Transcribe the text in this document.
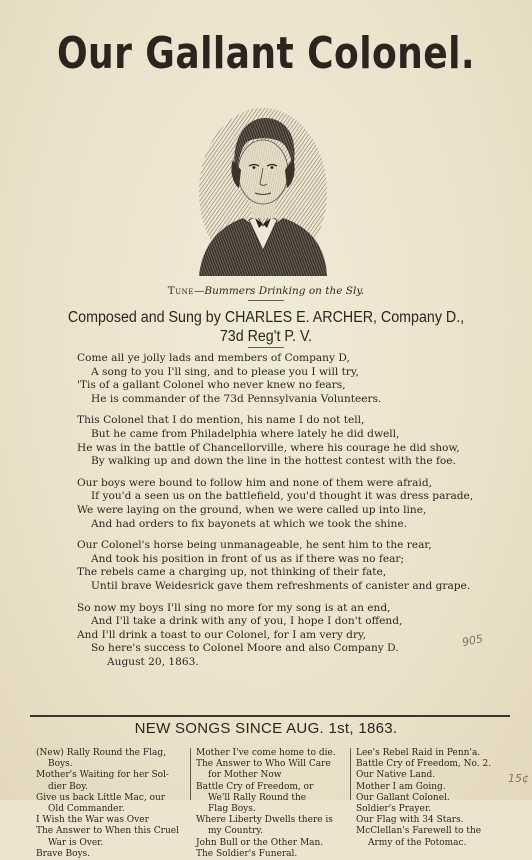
Our Gallant Colonel.
Tune—Bummers Drinking on the Sly.
Composed and Sung by CHARLES E. ARCHER, Company D.,
73d Reg't P. V.
Come all ye jolly lads and members of Company D,
A song to you I'll sing, and to please you I will try,
'Tis of a gallant Colonel who never knew no fears,
He is commander of the 73d Pennsylvania Volunteers.
This Colonel that I do mention, his name I do not tell,
But he came from Philadelphia where lately he did dwell,
He was in the battle of Chancellorville, where his courage he did show,
By walking up and down the line in the hottest contest with the foe.
Our boys were bound to follow him and none of them were afraid,
If you'd a seen us on the battlefield, you'd thought it was dress parade,
We were laying on the ground, when we were called up into line,
And had orders to fix bayonets at which we took the shine.
Our Colonel's horse being unmanageable, he sent him to the rear,
And took his position in front of us as if there was no fear;
The rebels came a charging up, not thinking of their fate,
Until brave Weidesrick gave them refreshments of canister and grape.
So now my boys I'll sing no more for my song is at an end,
And I'll take a drink with any of you, I hope I don't offend,
And I'll drink a toast to our Colonel, for I am very dry,
So here's success to Colonel Moore and also Company D.
August 20, 1863.
905
NEW SONGS SINCE AUG. 1st, 1863.
(New) Rally Round the Flag,
Boys.
Mother's Waiting for her Sol-
dier Boy.
Give us back Little Mac, our
Old Commander.
I Wish the War was Over
The Answer to When this Cruel
War is Over.
Brave Boys.
Mother I've come home to die.
The Answer to Who Will Care
for Mother Now
Battle Cry of Freedom, or
We'll Rally Round the
Flag Boys.
Where Liberty Dwells there is
my Country.
John Bull or the Other Man.
The Soldier's Funeral.
Lee's Rebel Raid in Penn'a.
Battle Cry of Freedom, No. 2.
Our Native Land.
Mother I am Going.
Our Gallant Colonel.
Soldier's Prayer.
Our Flag with 34 Stars.
McClellan's Farewell to the
Army of the Potomac.
15¢
